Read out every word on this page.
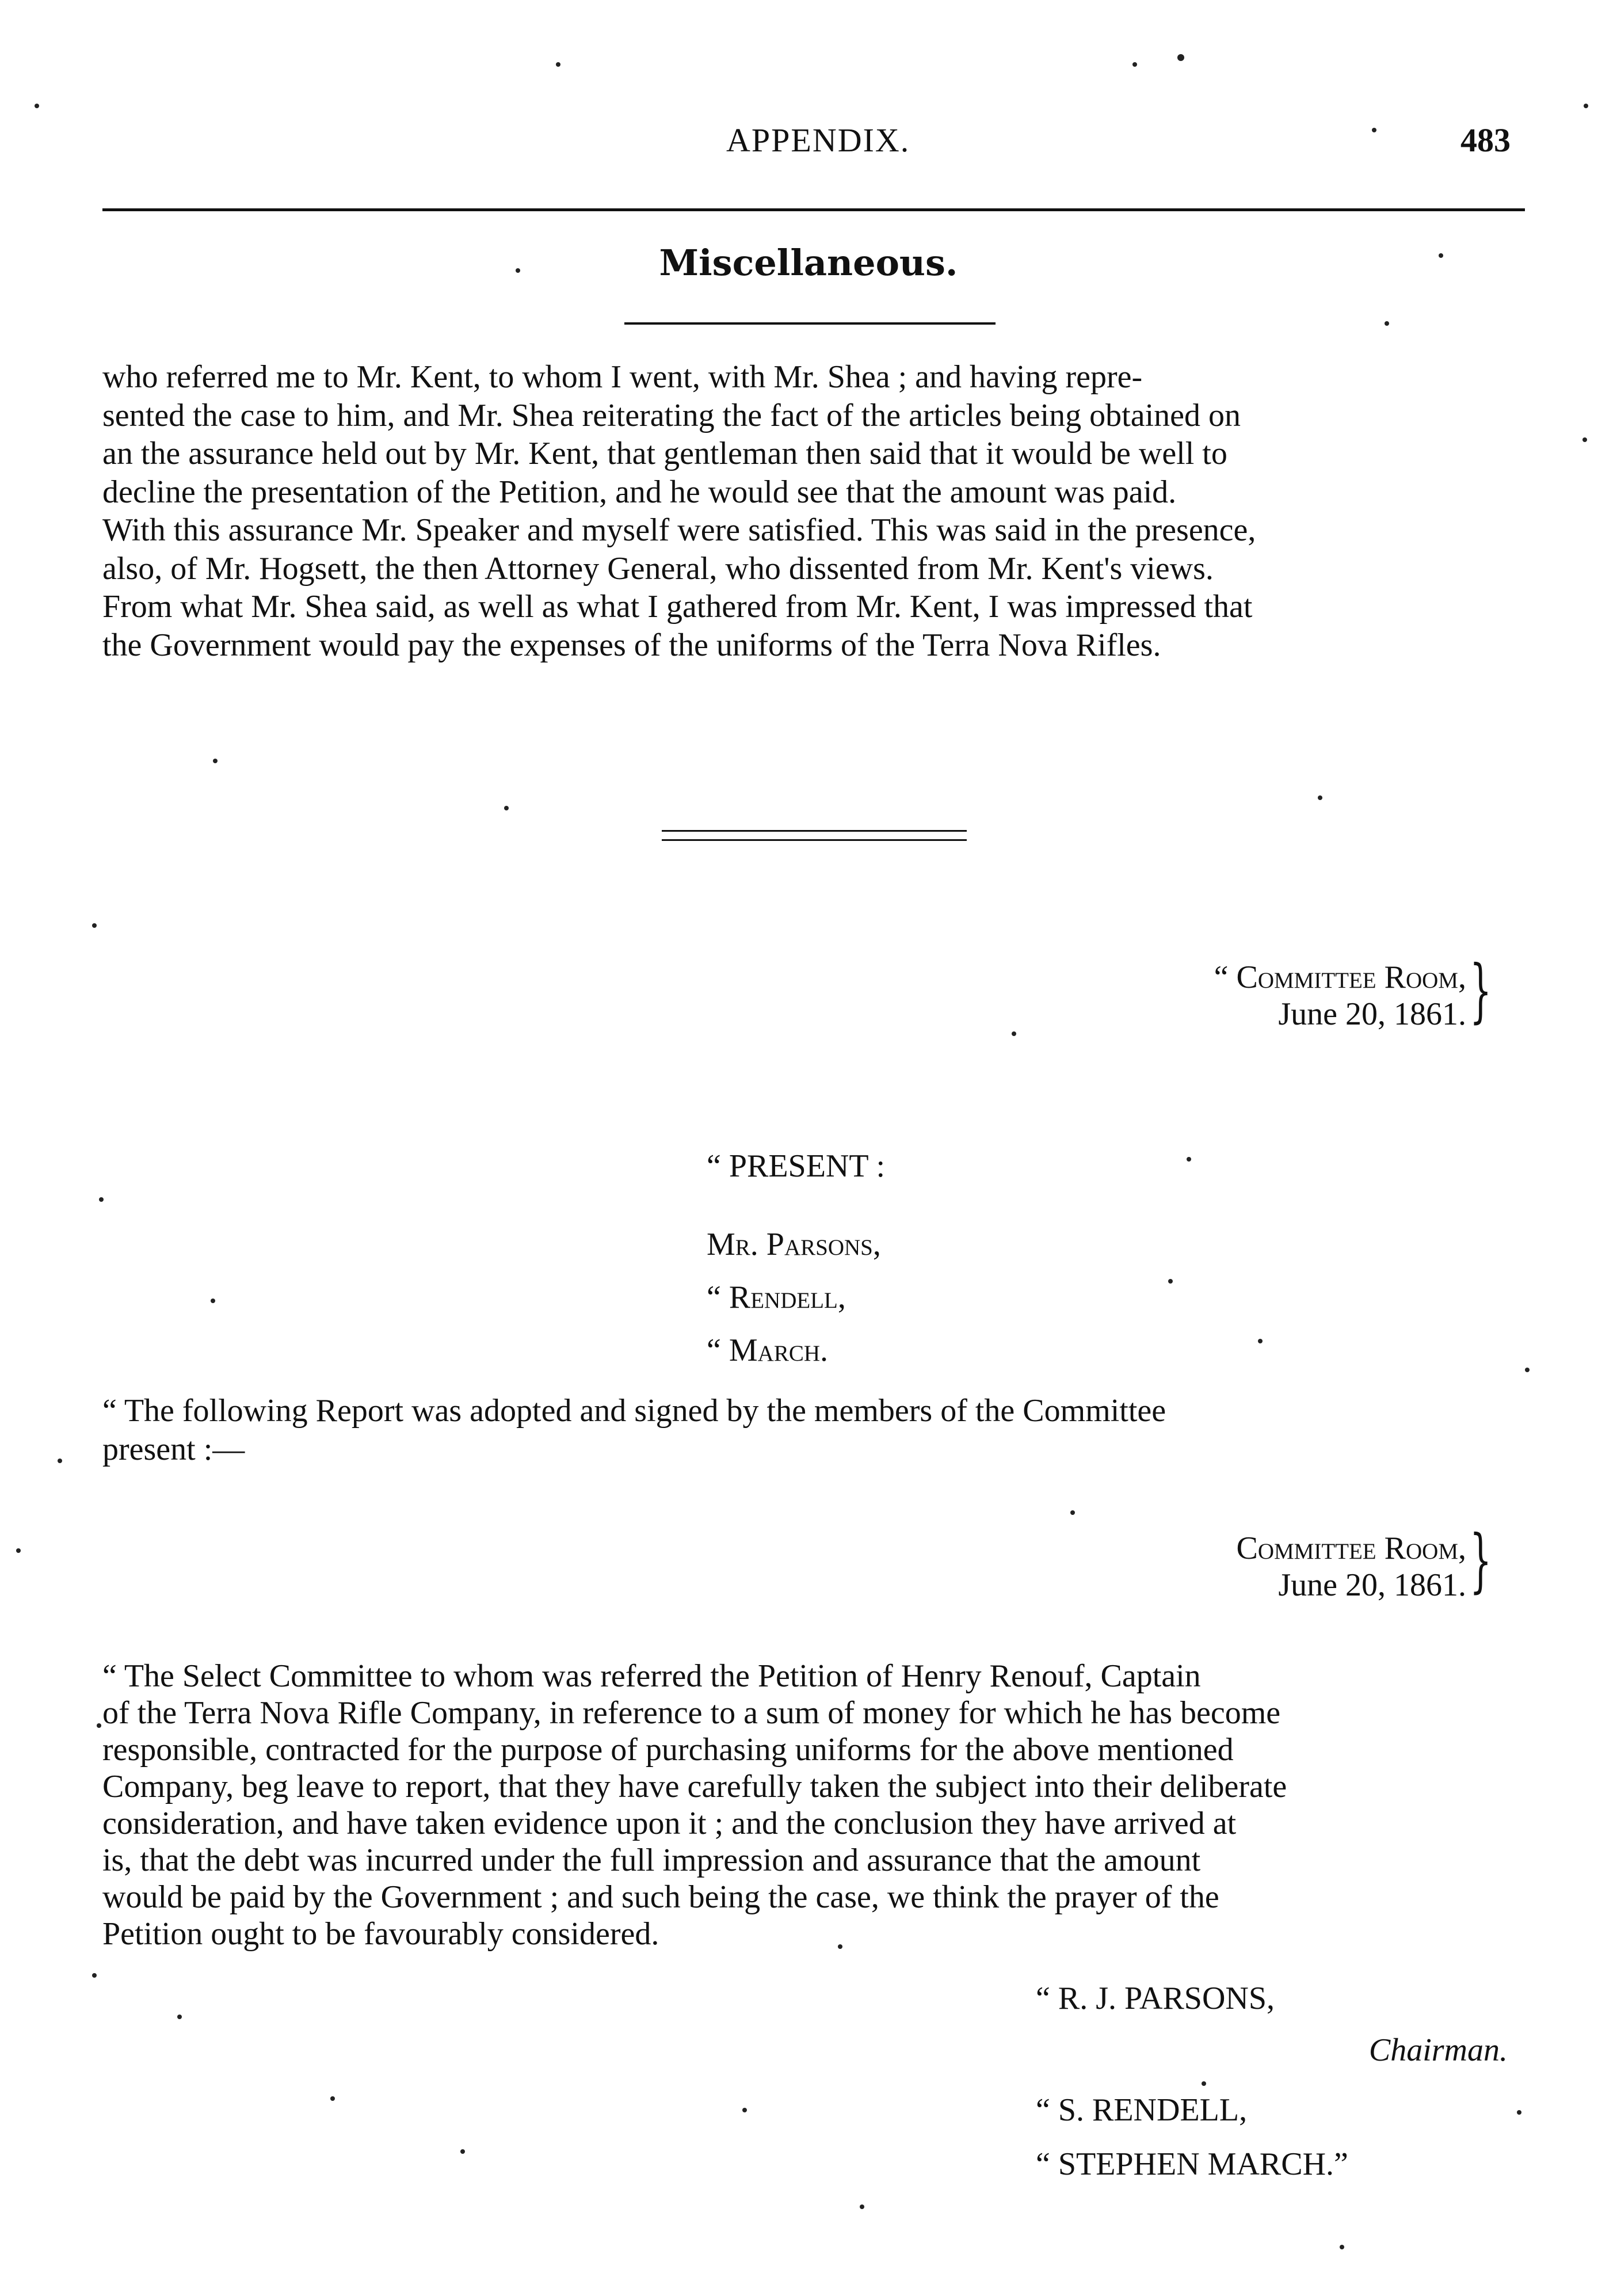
APPENDIX.	483
Miscellaneous.
who referred me to Mr. Kent, to whom I went, with Mr. Shea ; and having repre-
sented the case to him, and Mr. Shea reiterating the fact of the articles being obtained on
an the assurance held out by Mr. Kent, that gentleman then said that it would be well to
decline the presentation of the Petition, and he would see that the amount was paid.
With this assurance Mr. Speaker and myself were satisfied. This was said in the presence,
also, of Mr. Hogsett, the then Attorney General, who dissented from Mr. Kent's views.
From what Mr. Shea said, as well as what I gathered from Mr. Kent, I was impressed that
the Government would pay the expenses of the uniforms of the Terra Nova Rifles.
“ Committee Room,
June 20, 1861. }
“ PRESENT :
Mr. Parsons,
“ Rendell,
“ March.
“ The following Report was adopted and signed by the members of the Committee
present :—
Committee Room,
June 20, 1861. }
“ The Select Committee to whom was referred the Petition of Henry Renouf, Captain
of the Terra Nova Rifle Company, in reference to a sum of money for which he has become
responsible, contracted for the purpose of purchasing uniforms for the above mentioned
Company, beg leave to report, that they have carefully taken the subject into their deliberate
consideration, and have taken evidence upon it ; and the conclusion they have arrived at
is, that the debt was incurred under the full impression and assurance that the amount
would be paid by the Government ; and such being the case, we think the prayer of the
Petition ought to be favourably considered.
“ R. J. PARSONS,
Chairman.
“ S. RENDELL,
“ STEPHEN MARCH.”
